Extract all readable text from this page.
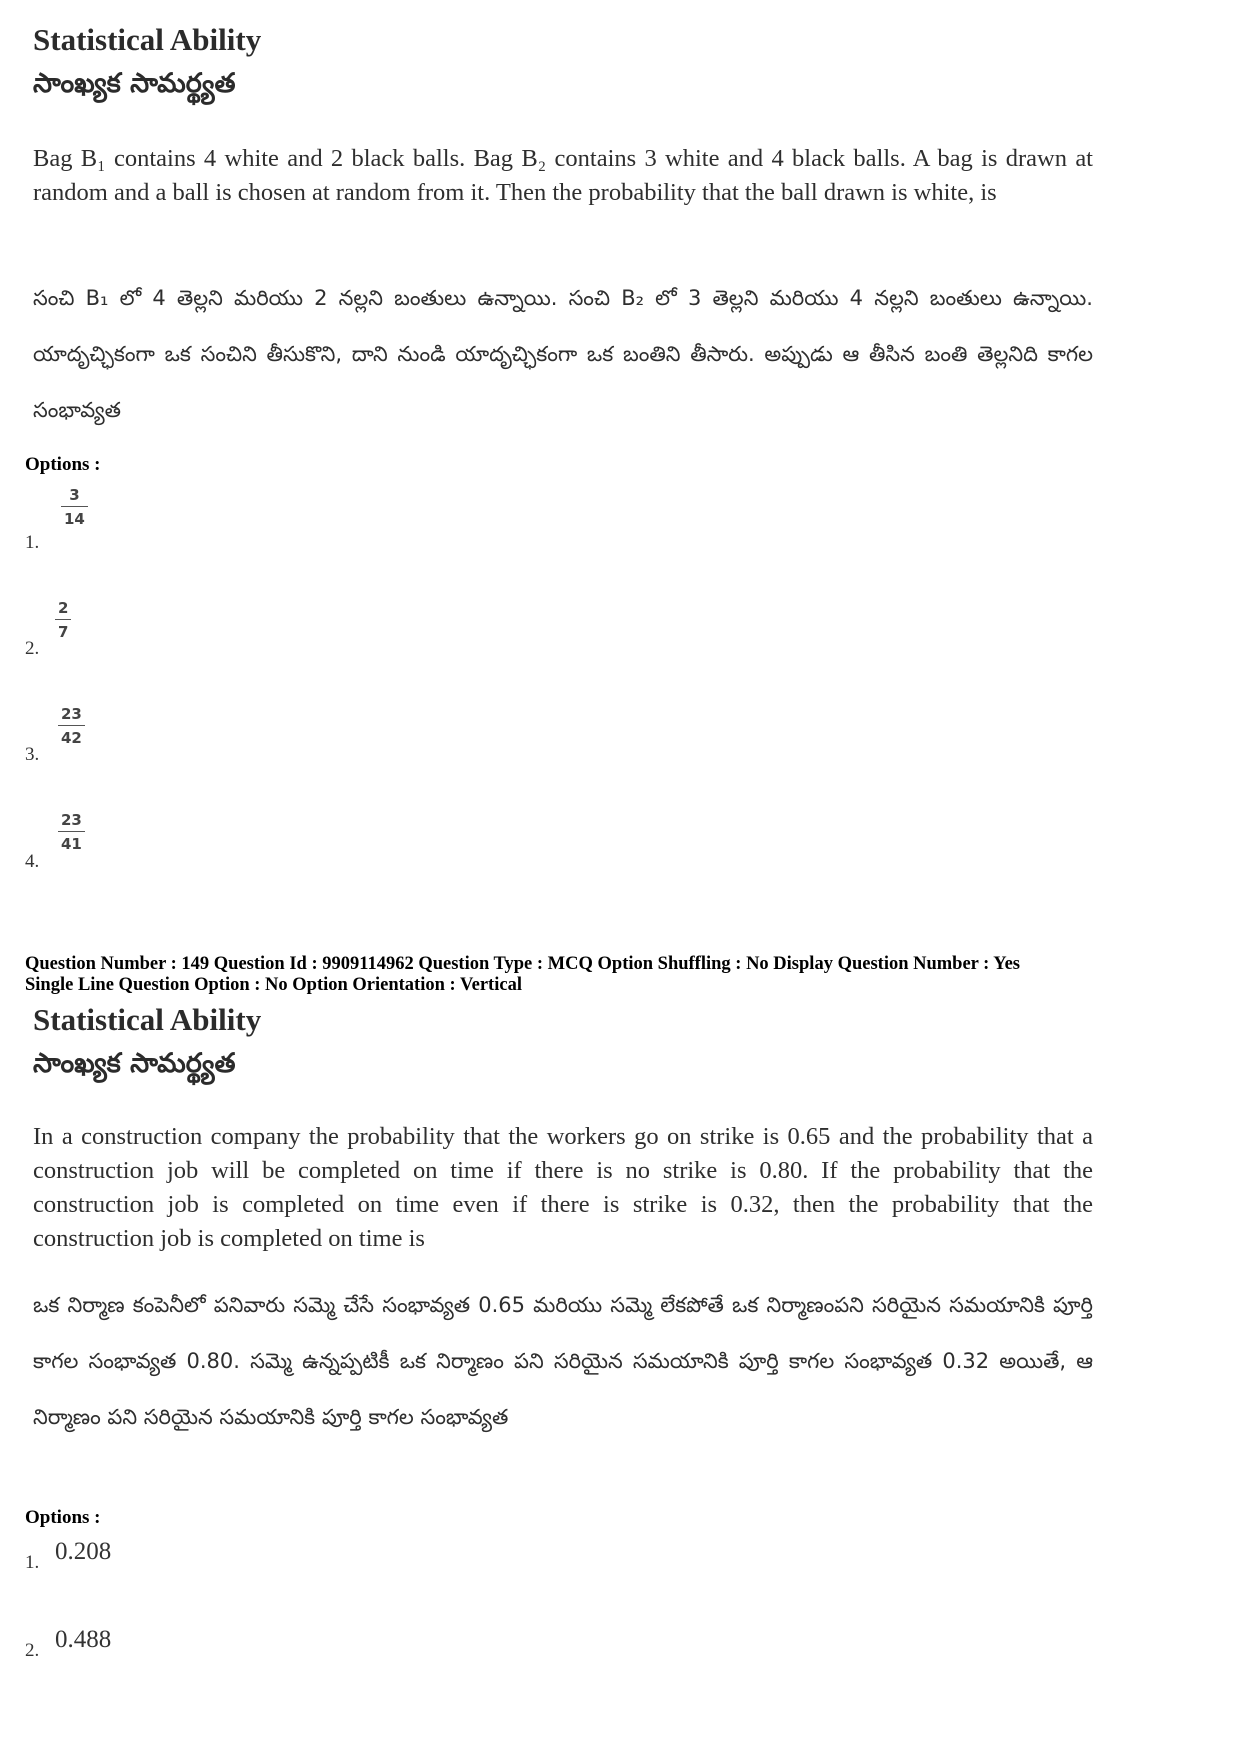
Statistical Ability
సాంఖ్యక సామర్థ్యత
Bag B₁ contains 4 white and 2 black balls. Bag B₂ contains 3 white and 4 black balls. A bag is drawn at random and a ball is chosen at random from it. Then the probability that the ball drawn is white, is
సంచి B₁ లో 4 తెల్లని మరియు 2 నల్లని బంతులు ఉన్నాయి. సంచి B₂ లో 3 తెల్లని మరియు 4 నల్లని బంతులు ఉన్నాయి. యాదృచ్ఛికంగా ఒక సంచిని తీసుకొని, దాని నుండి యాదృచ్ఛికంగా ఒక బంతిని తీసారు. అప్పుడు ఆ తీసిన బంతి తెల్లనిది కాగల సంభావ్యత
Options :
1.
3
14
2.
2
7
3.
23
42
4.
23
41
Question Number : 149 Question Id : 9909114962 Question Type : MCQ Option Shuffling : No Display Question Number : Yes
Single Line Question Option : No Option Orientation : Vertical
Statistical Ability
సాంఖ్యక సామర్థ్యత
In a construction company the probability that the workers go on strike is 0.65 and the probability that a construction job will be completed on time if there is no strike is 0.80. If the probability that the construction job is completed on time even if there is strike is 0.32, then the probability that the construction job is completed on time is
ఒక నిర్మాణ కంపెనీలో పనివారు సమ్మె చేసే సంభావ్యత 0.65 మరియు సమ్మె లేకపోతే ఒక నిర్మాణంపని సరియైన సమయానికి పూర్తి కాగల సంభావ్యత 0.80. సమ్మె ఉన్నప్పటికీ ఒక నిర్మాణం పని సరియైన సమయానికి పూర్తి కాగల సంభావ్యత 0.32 అయితే, ఆ నిర్మాణం పని సరియైన సమయానికి పూర్తి కాగల సంభావ్యత
Options :
1. 0.208
2. 0.488
